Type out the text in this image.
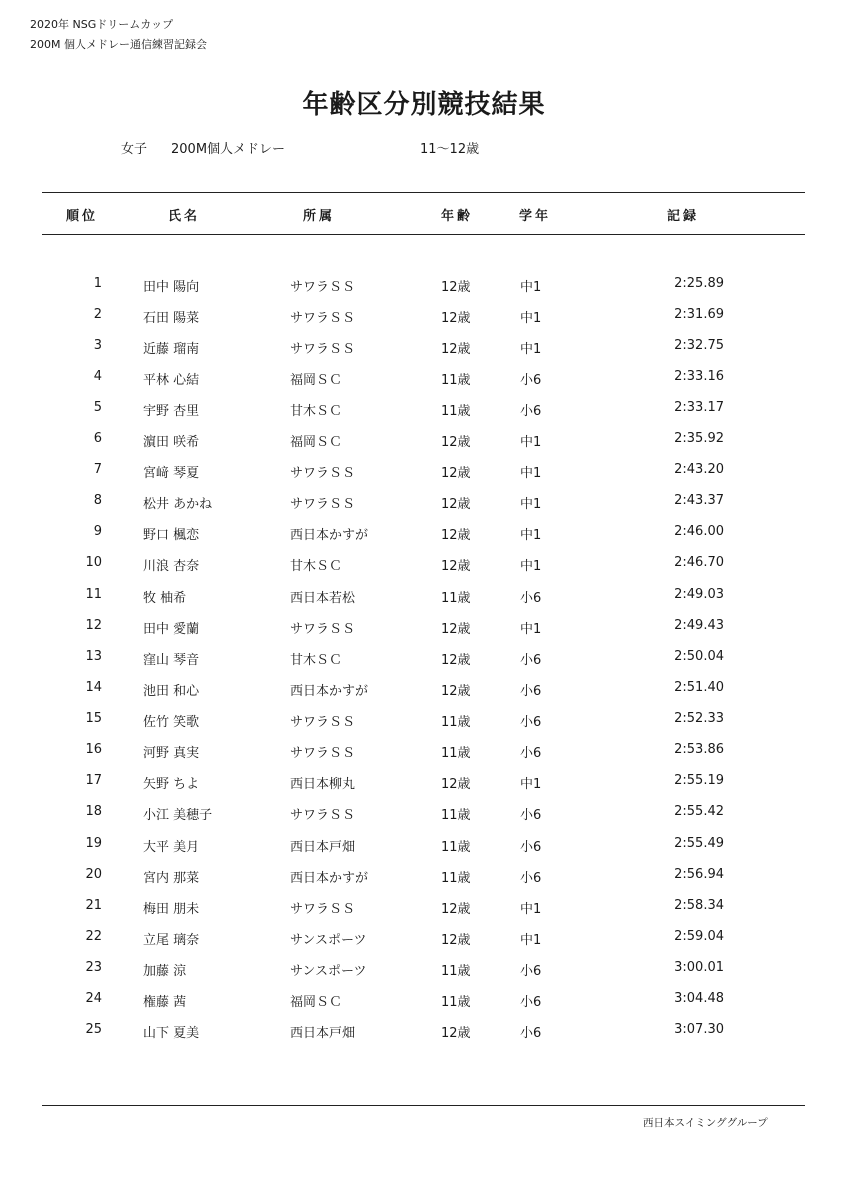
2020年 NSGドリームカップ
200M 個人メドレー通信練習記録会
年齢区分別競技結果
女子 200M個人メドレー	11～12歳
順位	氏名	所属	年齢	学年	記録
1	田中 陽向	サワラＳＳ	12歳	中1	2:25.89
2	石田 陽菜	サワラＳＳ	12歳	中1	2:31.69
3	近藤 瑠南	サワラＳＳ	12歳	中1	2:32.75
4	平林 心結	福岡ＳＣ	11歳	小6	2:33.16
5	宇野 杏里	甘木ＳＣ	11歳	小6	2:33.17
6	濵田 咲希	福岡ＳＣ	12歳	中1	2:35.92
7	宮﨑 琴夏	サワラＳＳ	12歳	中1	2:43.20
8	松井 あかね	サワラＳＳ	12歳	中1	2:43.37
9	野口 楓恋	西日本かすが	12歳	中1	2:46.00
10	川浪 杏奈	甘木ＳＣ	12歳	中1	2:46.70
11	牧 柚希	西日本若松	11歳	小6	2:49.03
12	田中 愛蘭	サワラＳＳ	12歳	中1	2:49.43
13	窪山 琴音	甘木ＳＣ	12歳	小6	2:50.04
14	池田 和心	西日本かすが	12歳	小6	2:51.40
15	佐竹 笑歌	サワラＳＳ	11歳	小6	2:52.33
16	河野 真実	サワラＳＳ	11歳	小6	2:53.86
17	矢野 ちよ	西日本柳丸	12歳	中1	2:55.19
18	小江 美穂子	サワラＳＳ	11歳	小6	2:55.42
19	大平 美月	西日本戸畑	11歳	小6	2:55.49
20	宮内 那菜	西日本かすが	11歳	小6	2:56.94
21	梅田 朋未	サワラＳＳ	12歳	中1	2:58.34
22	立尾 璃奈	サンスポーツ	12歳	中1	2:59.04
23	加藤 涼	サンスポーツ	11歳	小6	3:00.01
24	権藤 茜	福岡ＳＣ	11歳	小6	3:04.48
25	山下 夏美	西日本戸畑	12歳	小6	3:07.30
西日本スイミンググループ
